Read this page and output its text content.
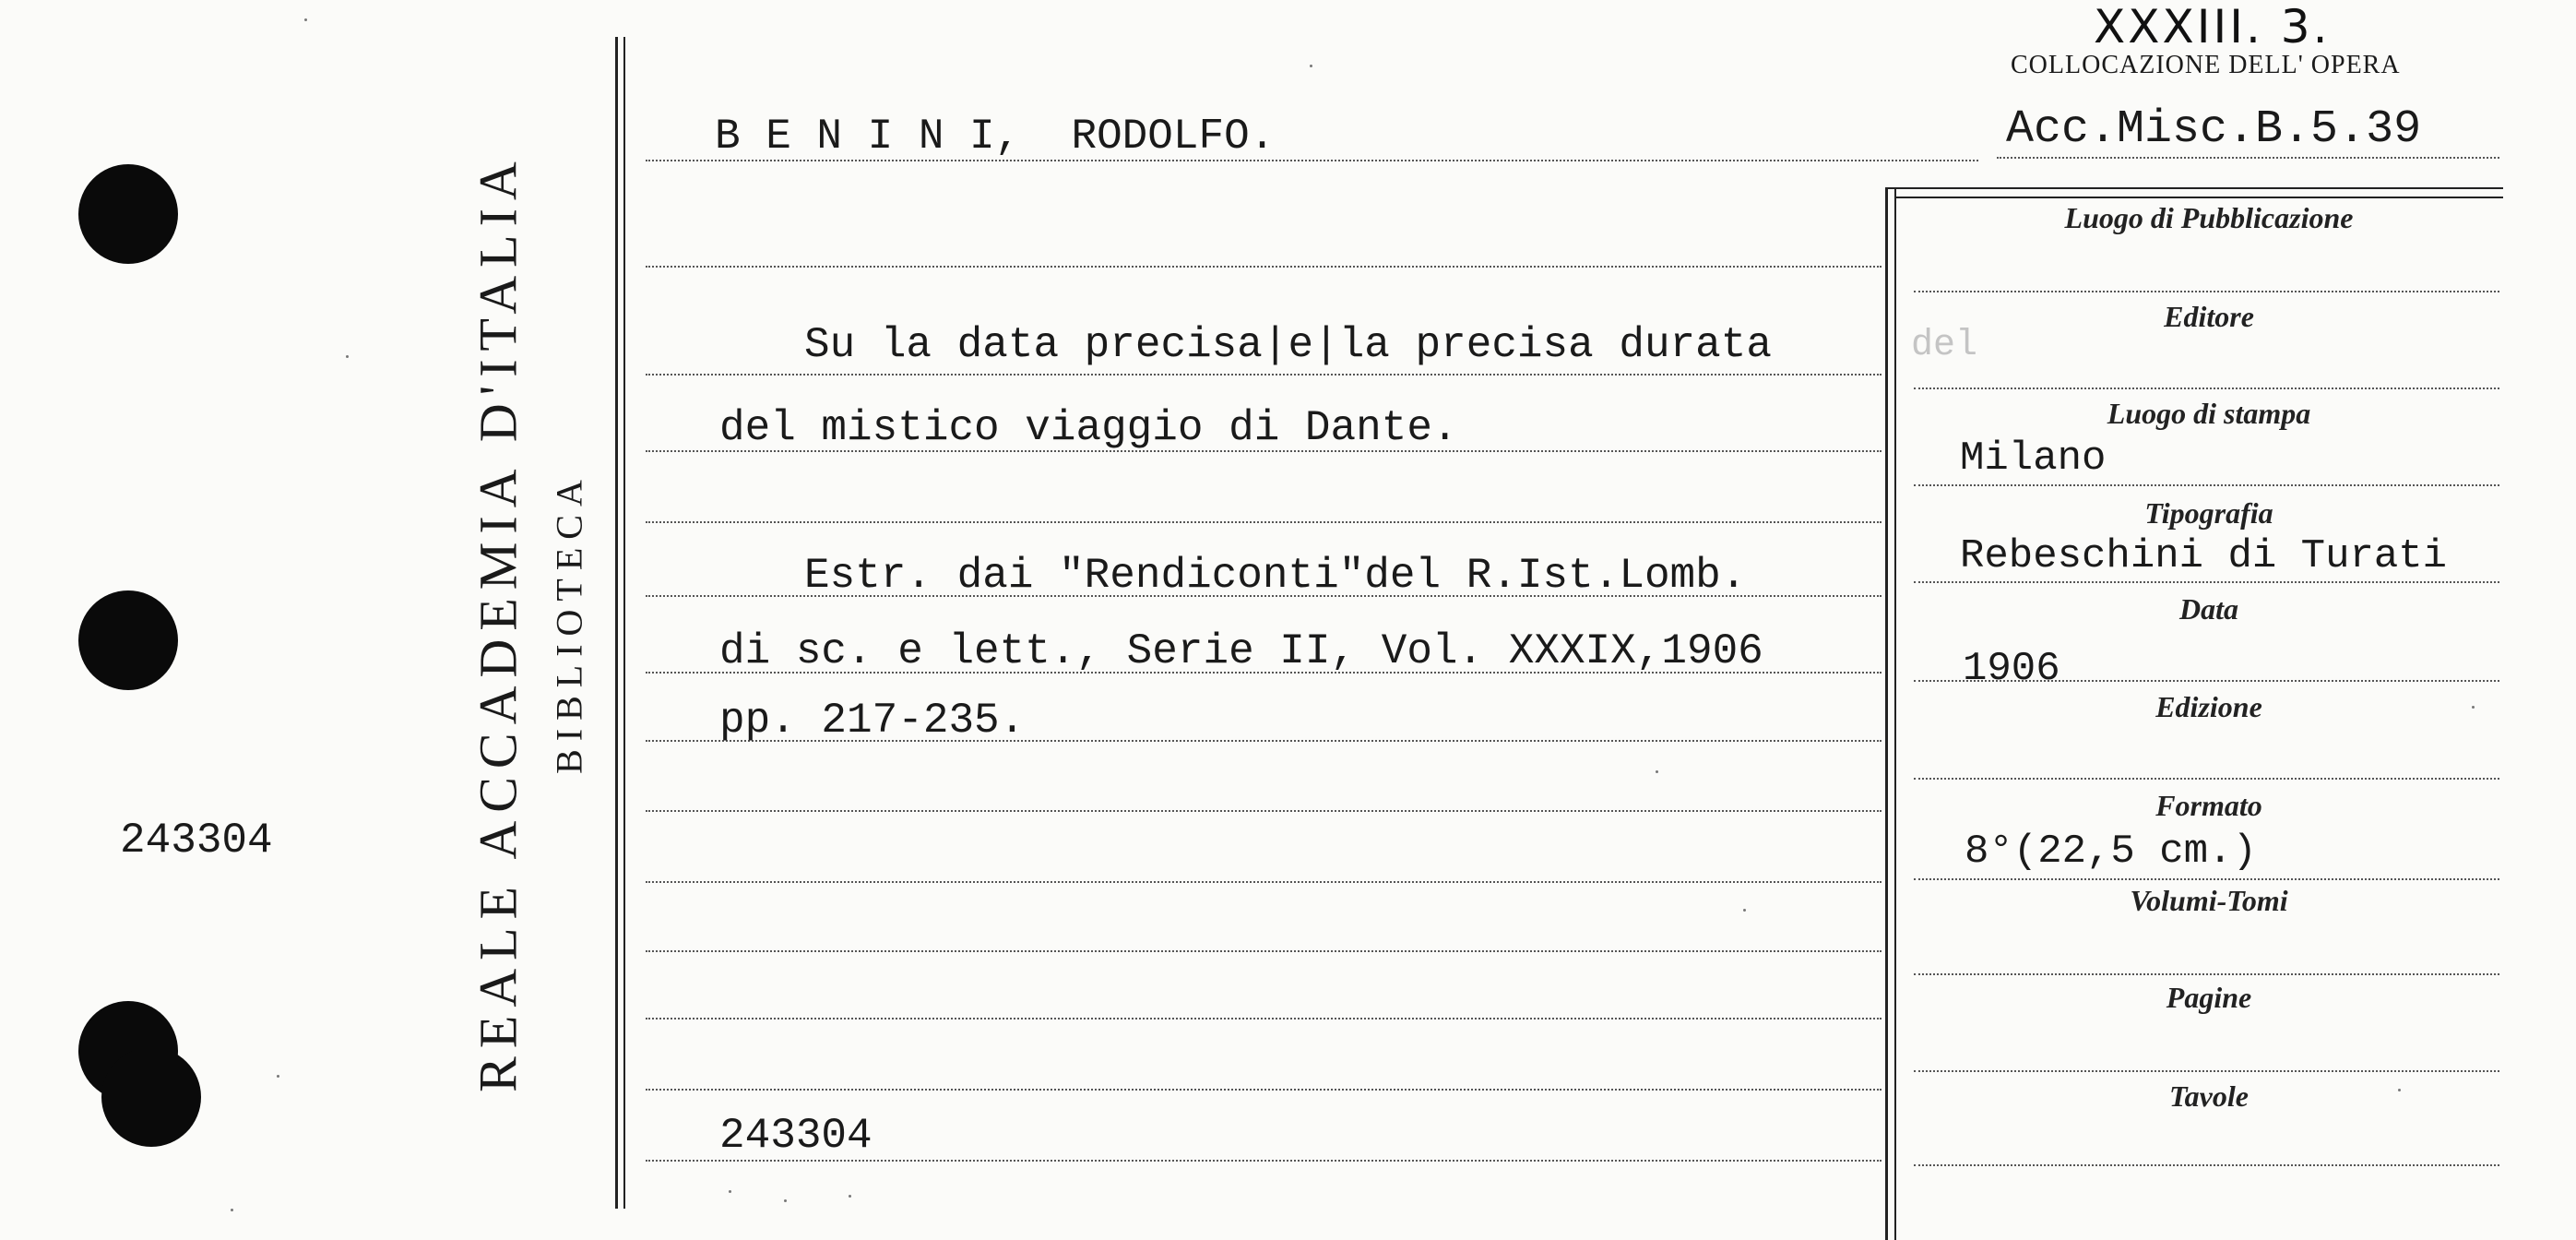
243304	REALE ACCADEMIA D'ITALIA BIBLIOTECA
XXXIII. 3.
COLLOCAZIONE DELL' OPERA
Acc.Misc.B.5.39
B E N I N I,  RODOLFO.
Su la data precisa|e|la precisa durata	del
del mistico viaggio di Dante.
Estr. dai "Rendiconti"del R.Ist.Lomb.
di sc. e lett., Serie II, Vol. XXXIX,1906
pp. 217-235.
243304
Luogo di Pubblicazione
Editore
Luogo di stampa
Milano
Tipografia
Rebeschini di Turati
Data
1906
Edizione
Formato
8°(22,5 cm.)
Volumi-Tomi
Pagine
Tavole
